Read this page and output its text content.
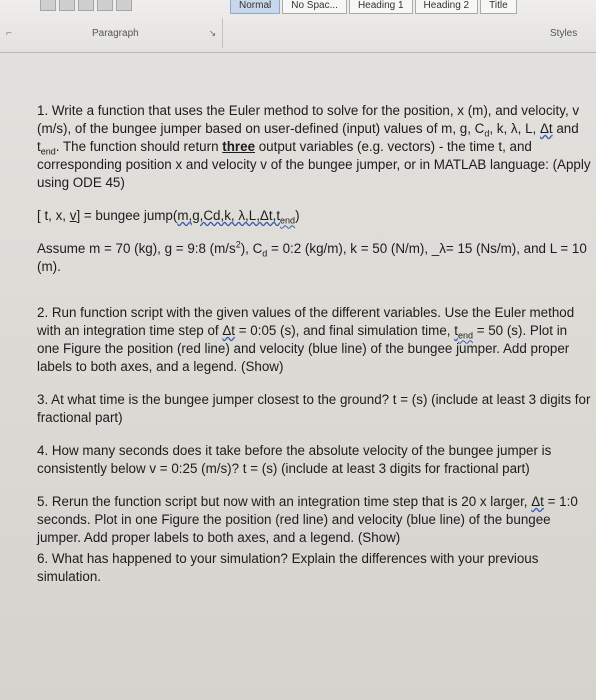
Normal	No Spac...	Heading 1	Heading 2	Title
⌐	Paragraph	↘	Styles

1. Write a function that uses the Euler method to solve for the position, x (m), and velocity, v (m/s), of the bungee jumper based on user-defined (input) values of m, g, $C_d$, k, λ, L, Δt and $t_{end}$. The function should return three output variables (e.g. vectors) - the time t, and corresponding position x and velocity v of the bungee jumper, or in MATLAB language: (Apply using ODE 45)

[ t, x, v] = bungee jump(m,g,Cd,k, $\lambda,L,\Delta t,t_{end}$)

Assume m = 70 (kg), g = 9:8 $(m/s^2)$, $C_d$ = 0:2 (kg/m), k = 50 (N/m), _λ= 15 (Ns/m), and L = 10 (m).

2. Run function script with the given values of the different variables. Use the Euler method with an integration time step of Δt = 0:05 (s), and final simulation time, $t_{end} = 50$ (s). Plot in one Figure the position (red line) and velocity (blue line) of the bungee jumper. Add proper labels to both axes, and a legend. (Show)

3. At what time is the bungee jumper closest to the ground? t = (s) (include at least 3 digits for fractional part)

4. How many seconds does it take before the absolute velocity of the bungee jumper is consistently below v = 0:25 (m/s)? t = (s) (include at least 3 digits for fractional part)

5. Rerun the function script but now with an integration time step that is 20 x larger, Δt = 1:0 seconds. Plot in one Figure the position (red line) and velocity (blue line) of the bungee jumper. Add proper labels to both axes, and a legend. (Show)

6. What has happened to your simulation? Explain the differences with your previous simulation.
